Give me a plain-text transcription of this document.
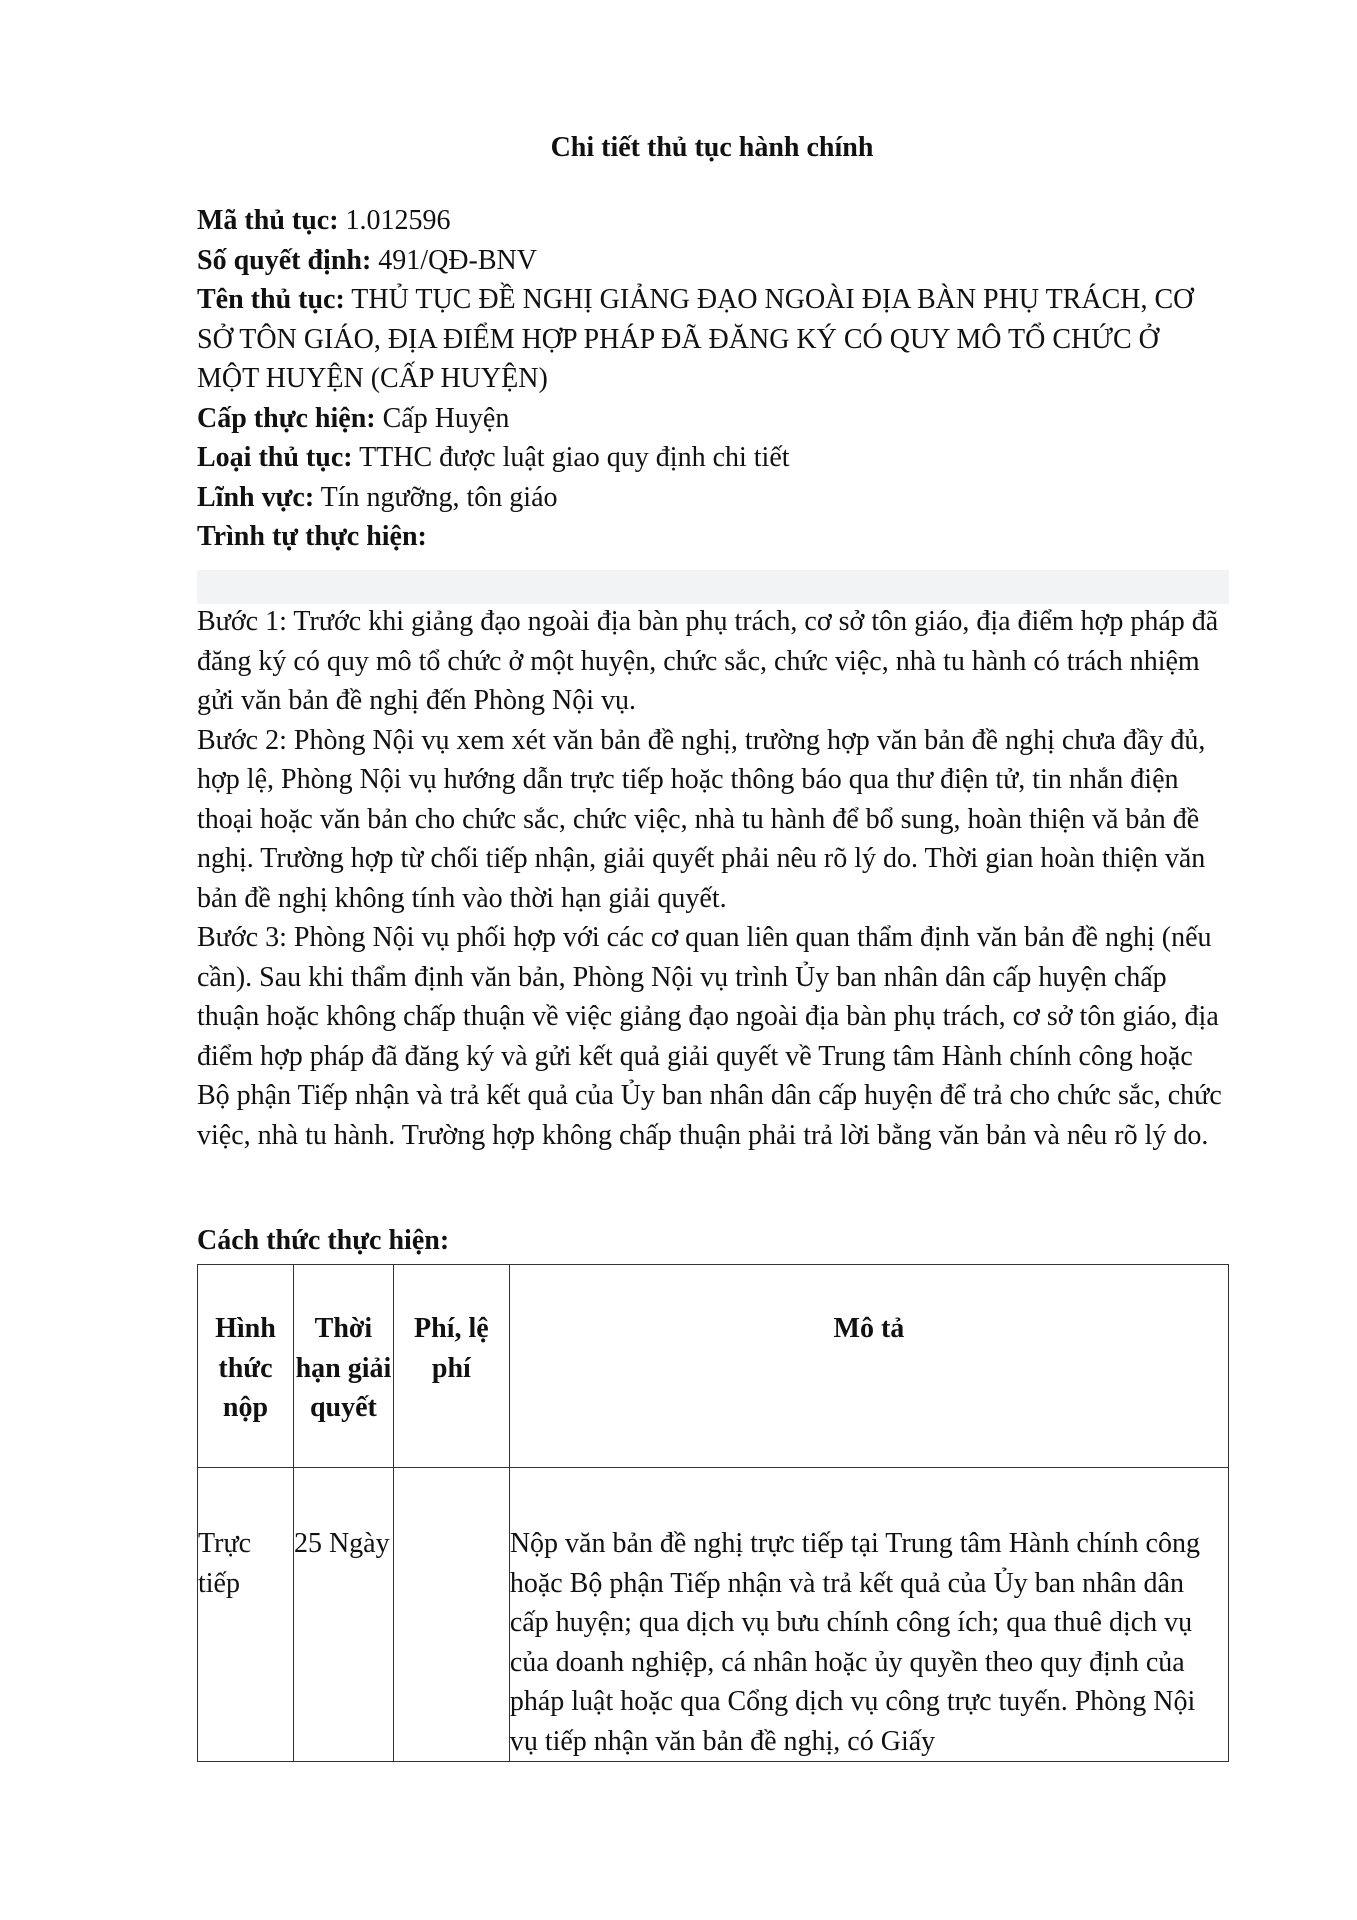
Chi tiết thủ tục hành chính

Mã thủ tục: 1.012596

Số quyết định: 491/QĐ-BNV

Tên thủ tục: THỦ TỤC ĐỀ NGHỊ GIẢNG ĐẠO NGOÀI ĐỊA BÀN PHỤ TRÁCH, CƠ SỞ TÔN GIÁO, ĐỊA ĐIỂM HỢP PHÁP ĐÃ ĐĂNG KÝ CÓ QUY MÔ TỔ CHỨC Ở MỘT HUYỆN (CẤP HUYỆN)

Cấp thực hiện: Cấp Huyện

Loại thủ tục: TTHC được luật giao quy định chi tiết

Lĩnh vực: Tín ngưỡng, tôn giáo

Trình tự thực hiện:

Bước 1: Trước khi giảng đạo ngoài địa bàn phụ trách, cơ sở tôn giáo, địa điểm hợp pháp đã đăng ký có quy mô tổ chức ở một huyện, chức sắc, chức việc, nhà tu hành có trách nhiệm gửi văn bản đề nghị đến Phòng Nội vụ.

Bước 2: Phòng Nội vụ xem xét văn bản đề nghị, trường hợp văn bản đề nghị chưa đầy đủ, hợp lệ, Phòng Nội vụ hướng dẫn trực tiếp hoặc thông báo qua thư điện tử, tin nhắn điện thoại hoặc văn bản cho chức sắc, chức việc, nhà tu hành để bổ sung, hoàn thiện vă bản đề nghị. Trường hợp từ chối tiếp nhận, giải quyết phải nêu rõ lý do. Thời gian hoàn thiện văn bản đề nghị không tính vào thời hạn giải quyết.

Bước 3: Phòng Nội vụ phối hợp với các cơ quan liên quan thẩm định văn bản đề nghị (nếu cần). Sau khi thẩm định văn bản, Phòng Nội vụ trình Ủy ban nhân dân cấp huyện chấp thuận hoặc không chấp thuận về việc giảng đạo ngoài địa bàn phụ trách, cơ sở tôn giáo, địa điểm hợp pháp đã đăng ký và gửi kết quả giải quyết về Trung tâm Hành chính công hoặc Bộ phận Tiếp nhận và trả kết quả của Ủy ban nhân dân cấp huyện để trả cho chức sắc, chức việc, nhà tu hành. Trường hợp không chấp thuận phải trả lời bằng văn bản và nêu rõ lý do.

Cách thức thực hiện:
Hình thức nộp	Thời hạn giải quyết	Phí, lệ phí	Mô tả
Trực tiếp	25 Ngày		Nộp văn bản đề nghị trực tiếp tại Trung tâm Hành chính công hoặc Bộ phận Tiếp nhận và trả kết quả của Ủy ban nhân dân cấp huyện; qua dịch vụ bưu chính công ích; qua thuê dịch vụ của doanh nghiệp, cá nhân hoặc ủy quyền theo quy định của pháp luật hoặc qua Cổng dịch vụ công trực tuyến. Phòng Nội vụ tiếp nhận văn bản đề nghị, có Giấy
